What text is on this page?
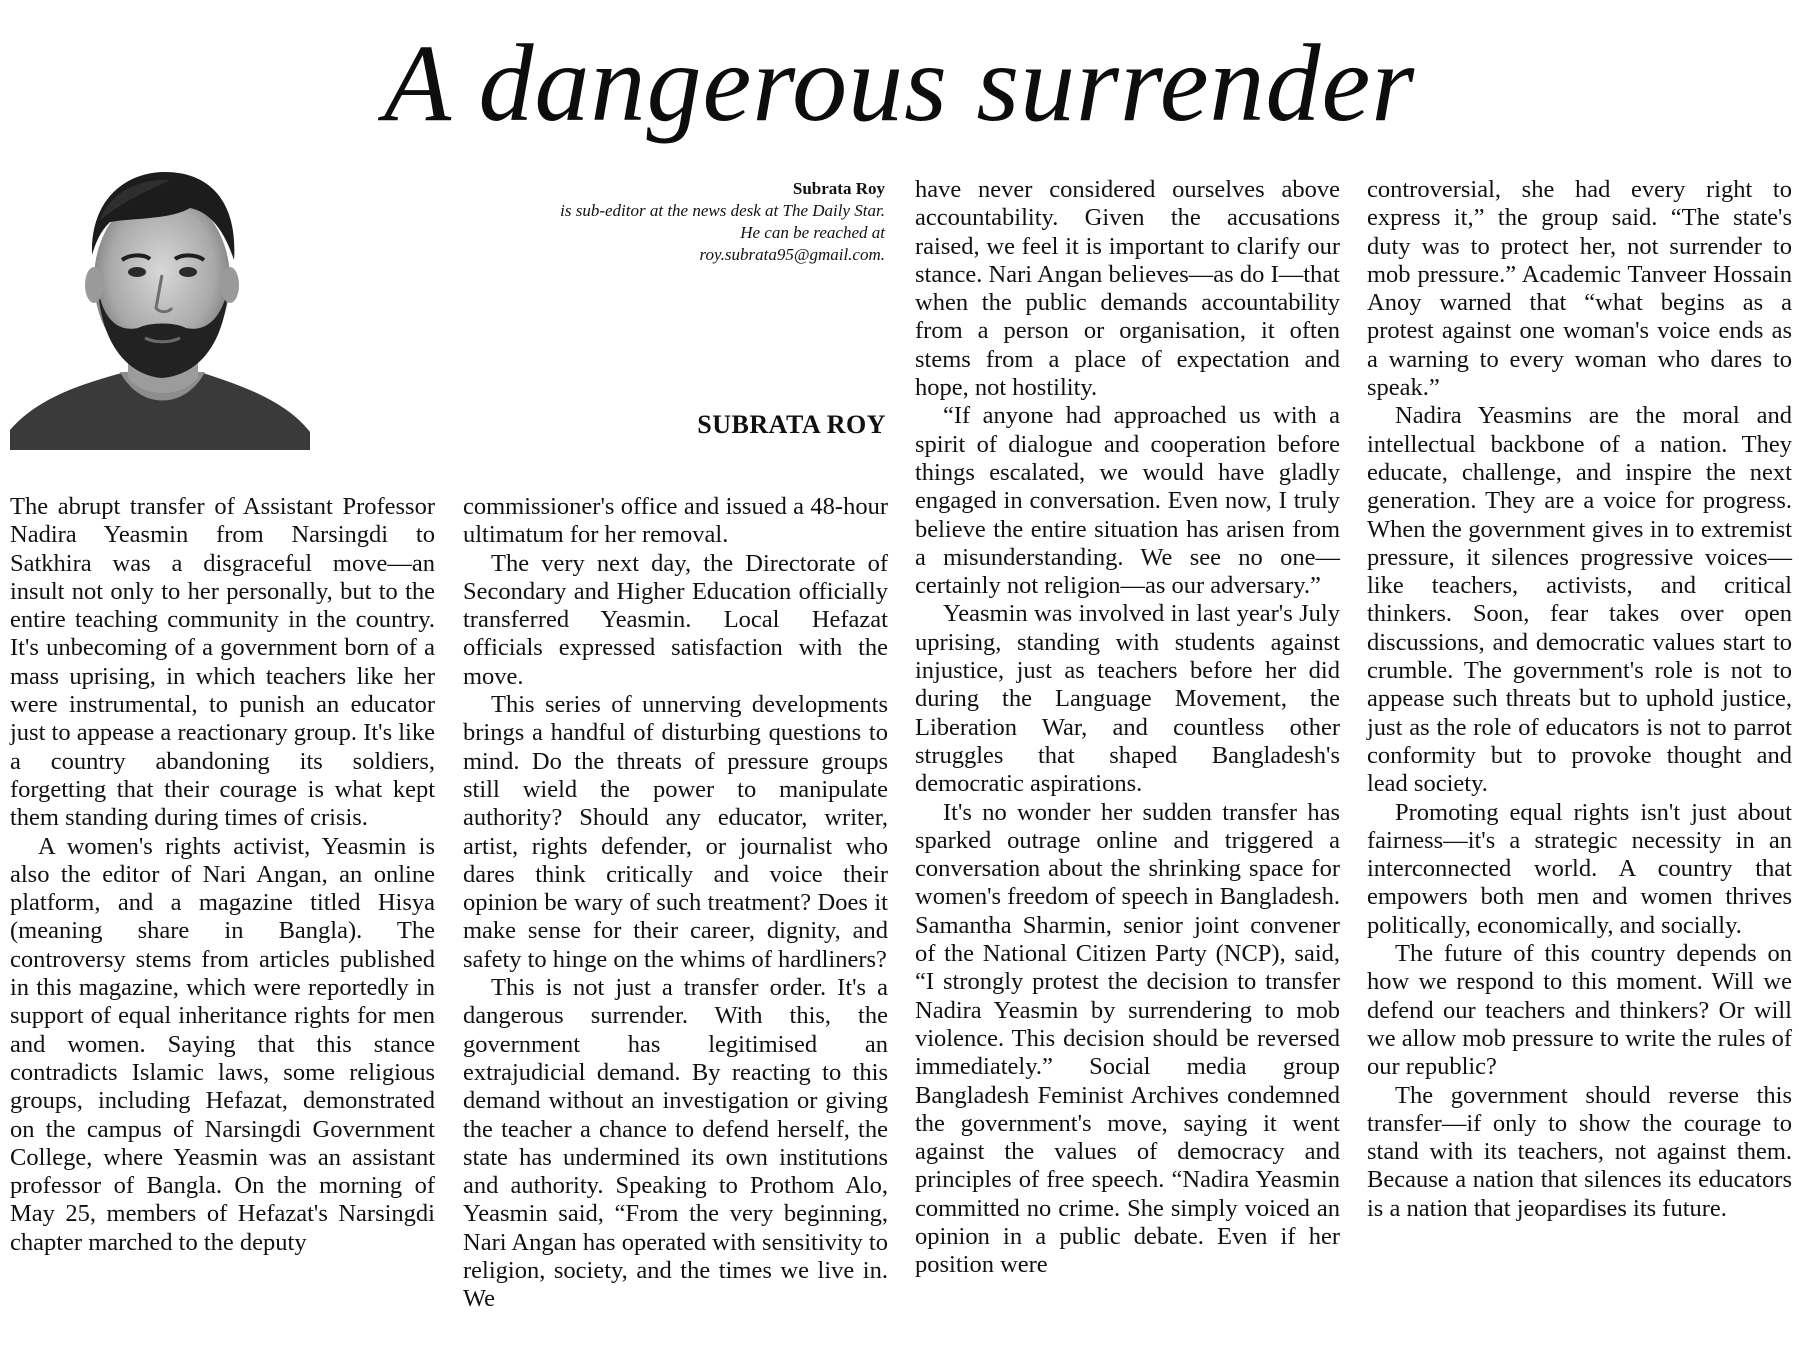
A dangerous surrender
Subrata Roy
is sub-editor at the news desk at The Daily Star. He can be reached at roy.subrata95@gmail.com.
SUBRATA ROY

The abrupt transfer of Assistant Professor Nadira Yeasmin from Narsingdi to Satkhira was a disgraceful move—an insult not only to her personally, but to the entire teaching community in the country. It's unbecoming of a government born of a mass uprising, in which teachers like her were instrumental, to punish an educator just to appease a reactionary group. It's like a country abandoning its soldiers, forgetting that their courage is what kept them standing during times of crisis.

A women's rights activist, Yeasmin is also the editor of Nari Angan, an online platform, and a magazine titled Hisya (meaning share in Bangla). The controversy stems from articles published in this magazine, which were reportedly in support of equal inheritance rights for men and women. Saying that this stance contradicts Islamic laws, some religious groups, including Hefazat, demonstrated on the campus of Narsingdi Government College, where Yeasmin was an assistant professor of Bangla. On the morning of May 25, members of Hefazat's Narsingdi chapter marched to the deputy

commissioner's office and issued a 48-hour ultimatum for her removal.

The very next day, the Directorate of Secondary and Higher Education officially transferred Yeasmin. Local Hefazat officials expressed satisfaction with the move.

This series of unnerving developments brings a handful of disturbing questions to mind. Do the threats of pressure groups still wield the power to manipulate authority? Should any educator, writer, artist, rights defender, or journalist who dares think critically and voice their opinion be wary of such treatment? Does it make sense for their career, dignity, and safety to hinge on the whims of hardliners?

This is not just a transfer order. It's a dangerous surrender. With this, the government has legitimised an extrajudicial demand. By reacting to this demand without an investigation or giving the teacher a chance to defend herself, the state has undermined its own institutions and authority. Speaking to Prothom Alo, Yeasmin said, “From the very beginning, Nari Angan has operated with sensitivity to religion, society, and the times we live in. We

have never considered ourselves above accountability. Given the accusations raised, we feel it is important to clarify our stance. Nari Angan believes—as do I—that when the public demands accountability from a person or organisation, it often stems from a place of expectation and hope, not hostility.

“If anyone had approached us with a spirit of dialogue and cooperation before things escalated, we would have gladly engaged in conversation. Even now, I truly believe the entire situation has arisen from a misunderstanding. We see no one—certainly not religion—as our adversary.”

Yeasmin was involved in last year's July uprising, standing with students against injustice, just as teachers before her did during the Language Movement, the Liberation War, and countless other struggles that shaped Bangladesh's democratic aspirations.

It's no wonder her sudden transfer has sparked outrage online and triggered a conversation about the shrinking space for women's freedom of speech in Bangladesh. Samantha Sharmin, senior joint convener of the National Citizen Party (NCP), said, “I strongly protest the decision to transfer Nadira Yeasmin by surrendering to mob violence. This decision should be reversed immediately.” Social media group Bangladesh Feminist Archives condemned the government's move, saying it went against the values of democracy and principles of free speech. “Nadira Yeasmin committed no crime. She simply voiced an opinion in a public debate. Even if her position were

controversial, she had every right to express it,” the group said. “The state's duty was to protect her, not surrender to mob pressure.” Academic Tanveer Hossain Anoy warned that “what begins as a protest against one woman's voice ends as a warning to every woman who dares to speak.”

Nadira Yeasmins are the moral and intellectual backbone of a nation. They educate, challenge, and inspire the next generation. They are a voice for progress. When the government gives in to extremist pressure, it silences progressive voices—like teachers, activists, and critical thinkers. Soon, fear takes over open discussions, and democratic values start to crumble. The government's role is not to appease such threats but to uphold justice, just as the role of educators is not to parrot conformity but to provoke thought and lead society.

Promoting equal rights isn't just about fairness—it's a strategic necessity in an interconnected world. A country that empowers both men and women thrives politically, economically, and socially.

The future of this country depends on how we respond to this moment. Will we defend our teachers and thinkers? Or will we allow mob pressure to write the rules of our republic?

The government should reverse this transfer—if only to show the courage to stand with its teachers, not against them. Because a nation that silences its educators is a nation that jeopardises its future.
